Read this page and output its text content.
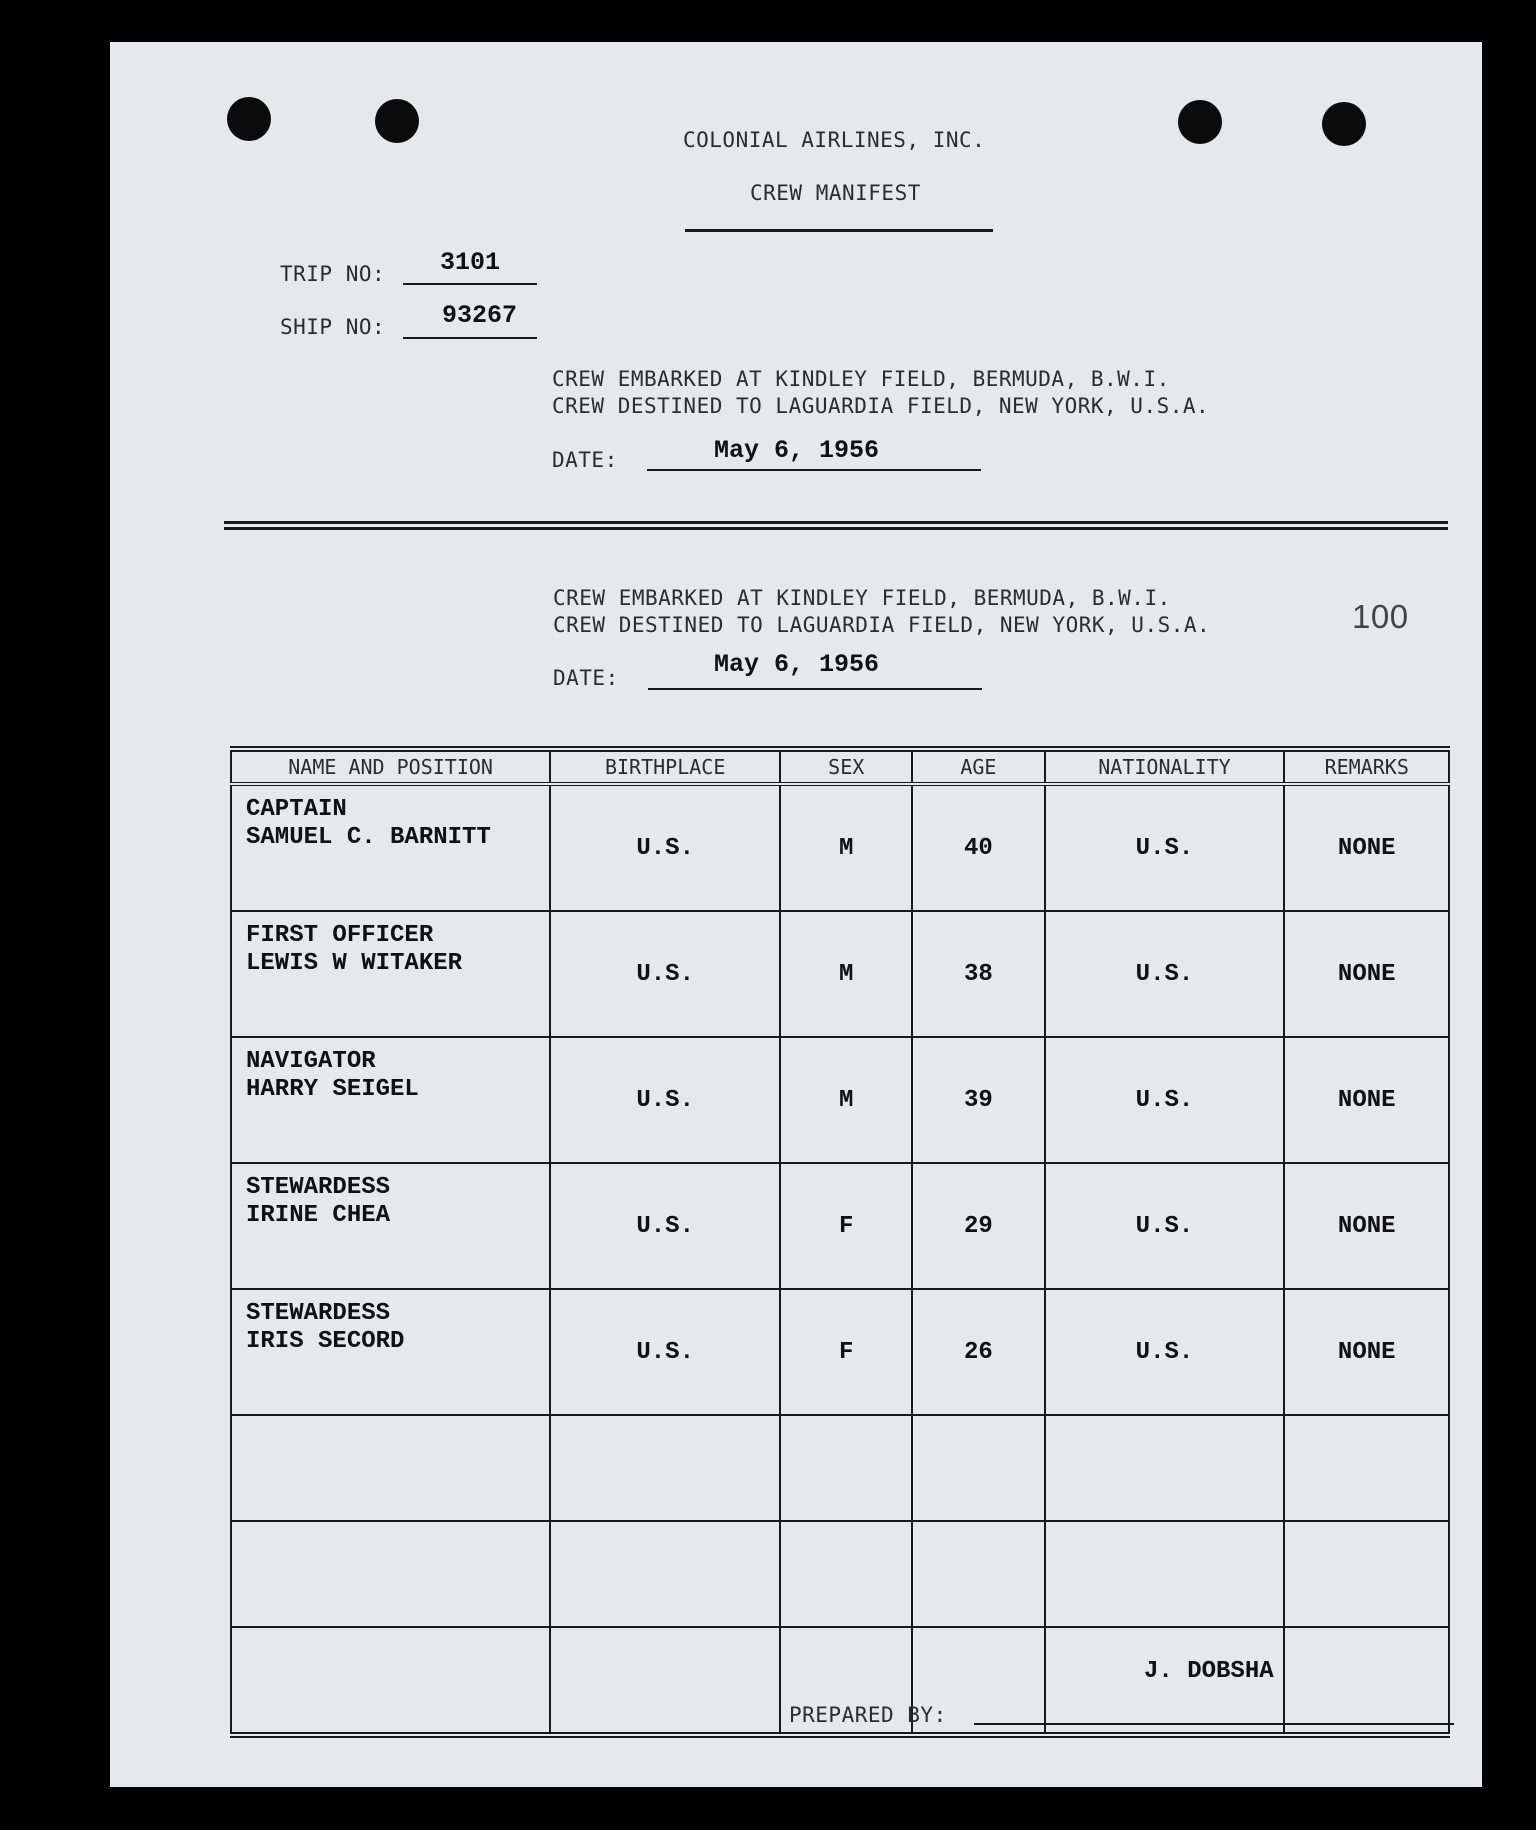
COLONIAL AIRLINES, INC.
CREW MANIFEST
TRIP NO: 3101
SHIP NO: 93267
CREW EMBARKED AT KINDLEY FIELD, BERMUDA, B.W.I.
CREW DESTINED TO LAGUARDIA FIELD, NEW YORK, U.S.A.
DATE:	May 6, 1956
CREW EMBARKED AT KINDLEY FIELD, BERMUDA, B.W.I.
CREW DESTINED TO LAGUARDIA FIELD, NEW YORK, U.S.A.	100
DATE:	May 6, 1956
NAME AND POSITION	BIRTHPLACE	SEX	AGE	NATIONALITY	REMARKS

CAPTAIN
SAMUEL C. BARNITT	U.S.	M	40	U.S.	NONE

FIRST OFFICER
LEWIS W WITAKER	U.S.	M	38	U.S.	NONE

NAVIGATOR
HARRY SEIGEL	U.S.	M	39	U.S.	NONE

STEWARDESS
IRINE CHEA	U.S.	F	29	U.S.	NONE

STEWARDESS
IRIS SECORD	U.S.	F	26	U.S.	NONE

J. DOBSHA
PREPARED BY:
